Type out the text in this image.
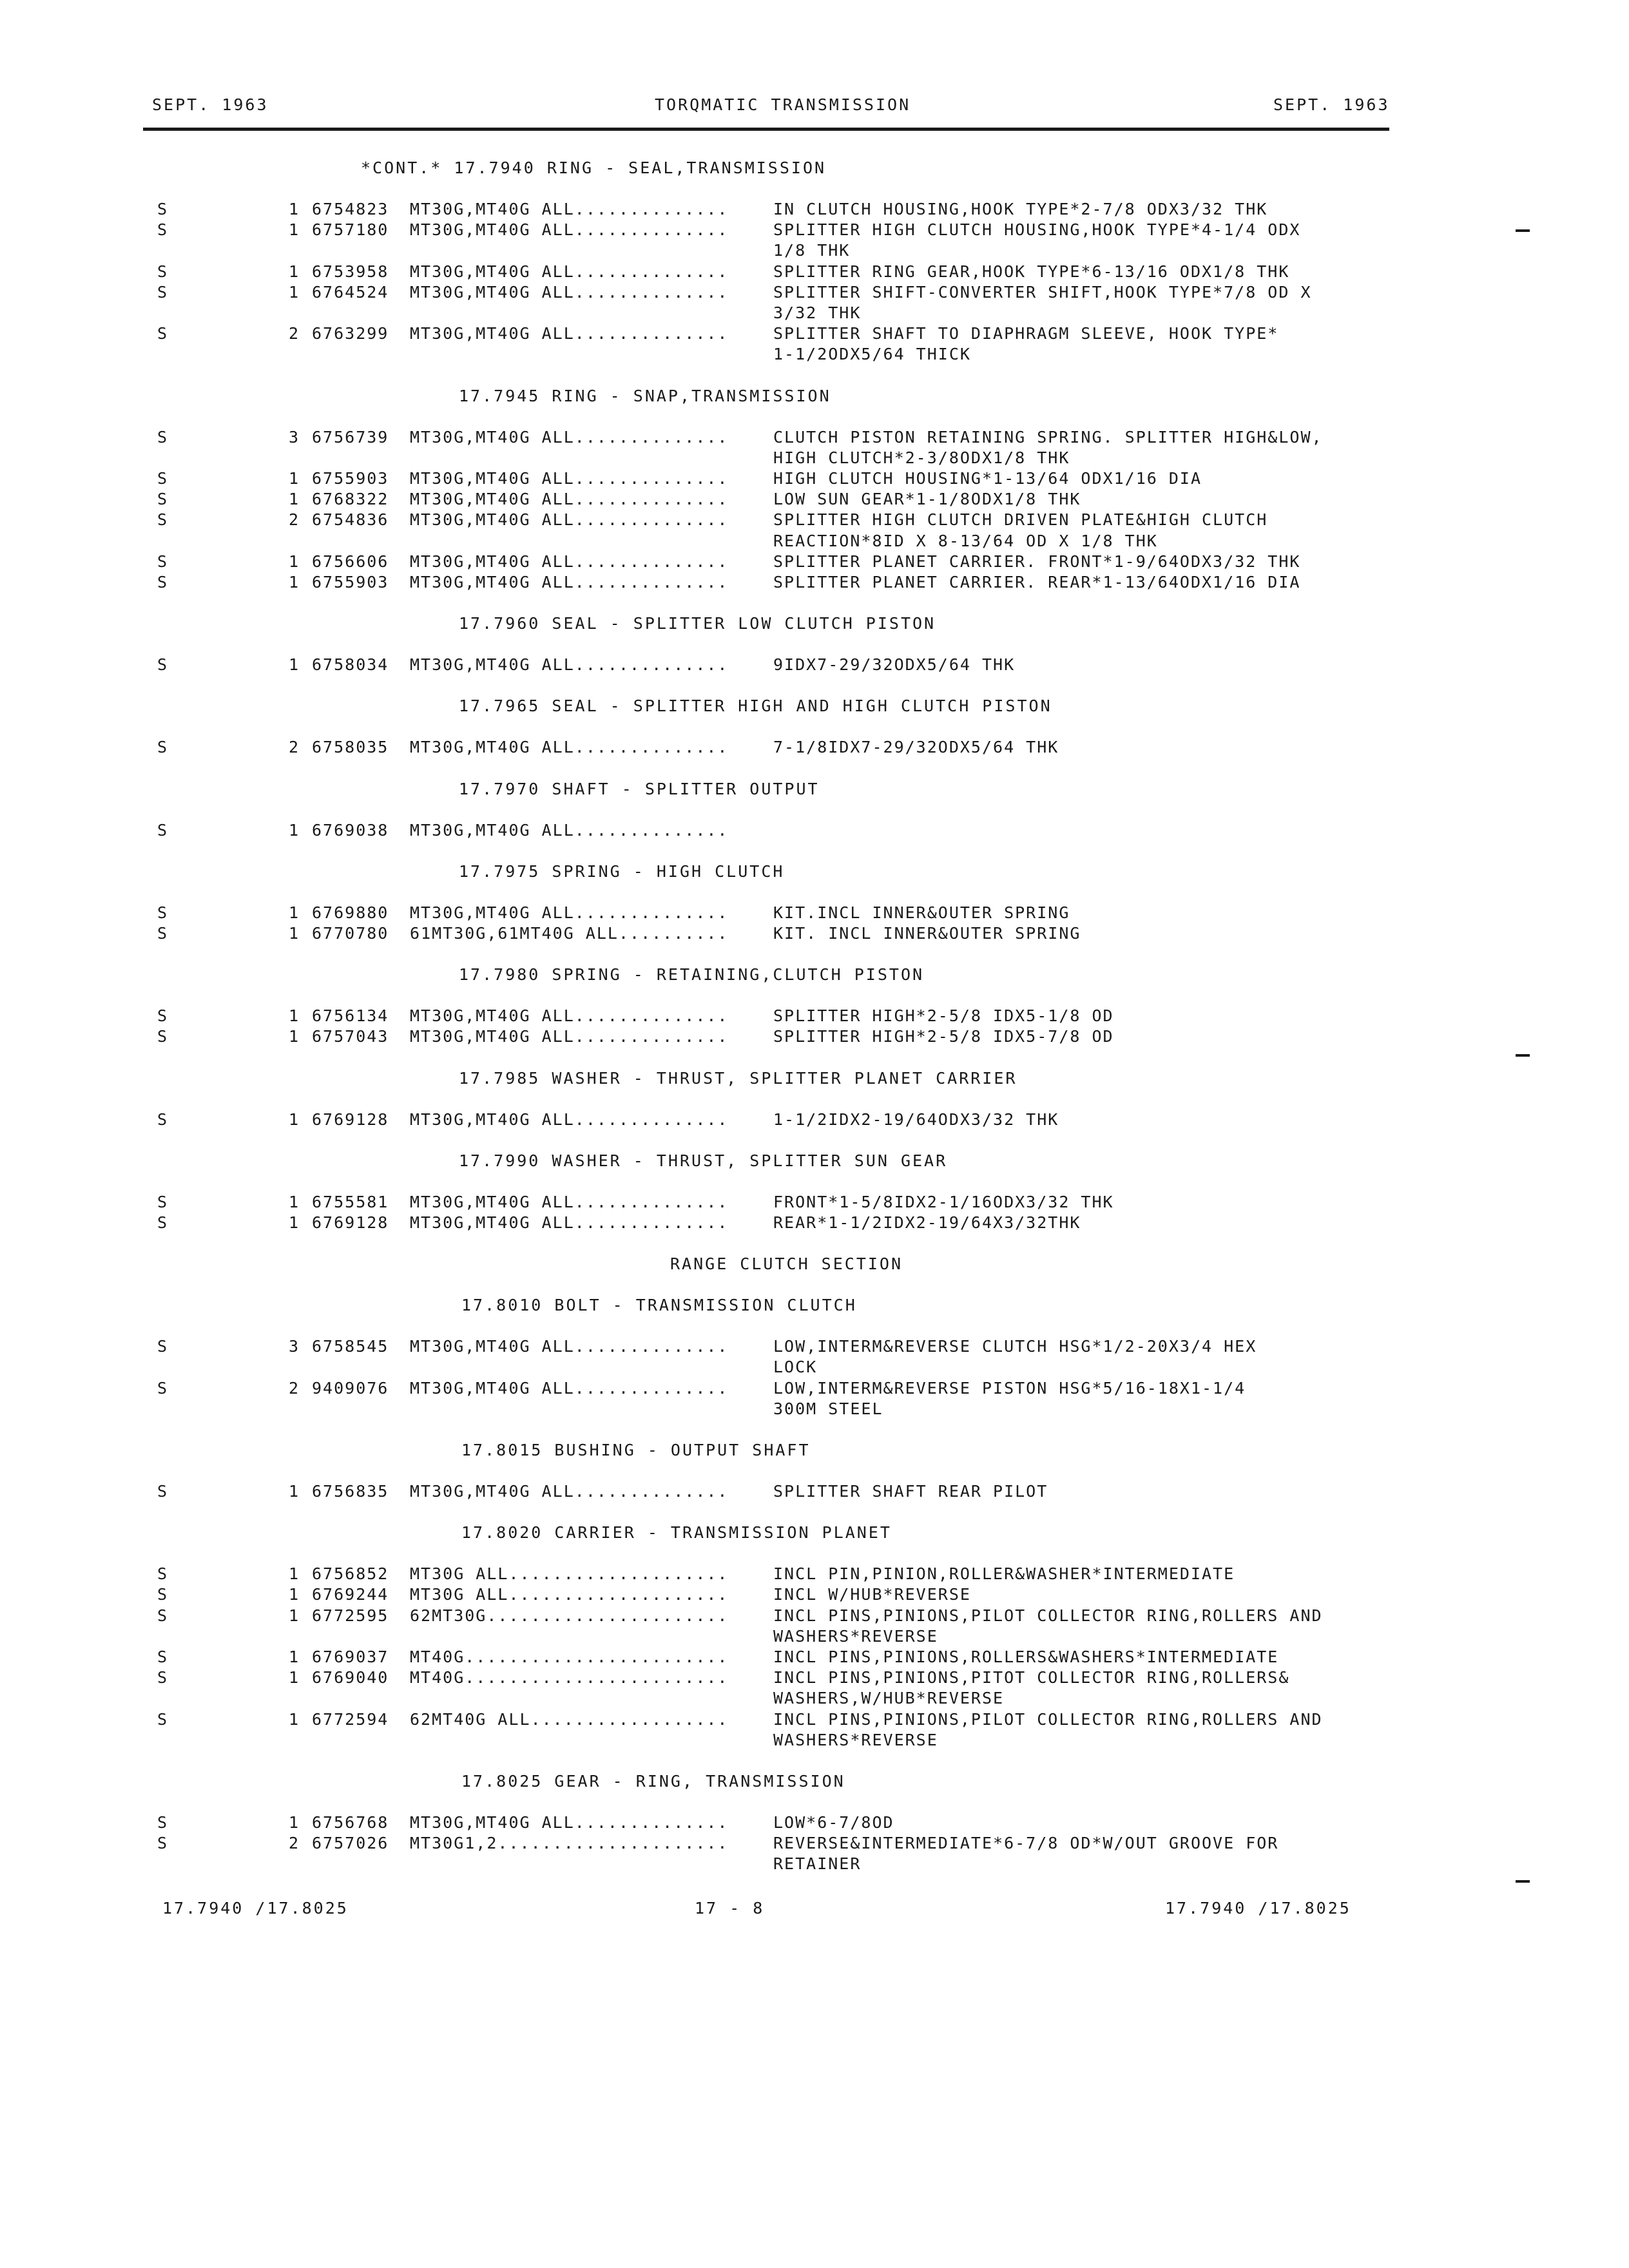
SEPT. 1963	TORQMATIC TRANSMISSION	SEPT. 1963
*CONT.* 17.7940 RING - SEAL,TRANSMISSION
S	1 6754823 MT30G,MT40G ALL..............	IN CLUTCH HOUSING,HOOK TYPE*2-7/8 ODX3/32 THK
S	1 6757180 MT30G,MT40G ALL..............	SPLITTER HIGH CLUTCH HOUSING,HOOK TYPE*4-1/4 ODX
1/8 THK
S	1 6753958 MT30G,MT40G ALL..............	SPLITTER RING GEAR,HOOK TYPE*6-13/16 ODX1/8 THK
S	1 6764524 MT30G,MT40G ALL..............	SPLITTER SHIFT-CONVERTER SHIFT,HOOK TYPE*7/8 OD X
3/32 THK
S	2 6763299 MT30G,MT40G ALL..............	SPLITTER SHAFT TO DIAPHRAGM SLEEVE, HOOK TYPE*
1-1/2ODX5/64 THICK
17.7945 RING - SNAP,TRANSMISSION
S	3 6756739 MT30G,MT40G ALL..............	CLUTCH PISTON RETAINING SPRING. SPLITTER HIGH&LOW,
HIGH CLUTCH*2-3/8ODX1/8 THK
S	1 6755903 MT30G,MT40G ALL..............	HIGH CLUTCH HOUSING*1-13/64 ODX1/16 DIA
S	1 6768322 MT30G,MT40G ALL..............	LOW SUN GEAR*1-1/8ODX1/8 THK
S	2 6754836 MT30G,MT40G ALL..............	SPLITTER HIGH CLUTCH DRIVEN PLATE&HIGH CLUTCH
REACTION*8ID X 8-13/64 OD X 1/8 THK
S	1 6756606 MT30G,MT40G ALL..............	SPLITTER PLANET CARRIER. FRONT*1-9/64ODX3/32 THK
S	1 6755903 MT30G,MT40G ALL..............	SPLITTER PLANET CARRIER. REAR*1-13/64ODX1/16 DIA
17.7960 SEAL - SPLITTER LOW CLUTCH PISTON
S	1 6758034 MT30G,MT40G ALL..............	9IDX7-29/32ODX5/64 THK
17.7965 SEAL - SPLITTER HIGH AND HIGH CLUTCH PISTON
S	2 6758035 MT30G,MT40G ALL..............	7-1/8IDX7-29/32ODX5/64 THK
17.7970 SHAFT - SPLITTER OUTPUT
S	1 6769038 MT30G,MT40G ALL..............
17.7975 SPRING - HIGH CLUTCH
S	1 6769880 MT30G,MT40G ALL..............	KIT.INCL INNER&OUTER SPRING
S	1 6770780 61MT30G,61MT40G ALL..........	KIT. INCL INNER&OUTER SPRING
17.7980 SPRING - RETAINING,CLUTCH PISTON
S	1 6756134 MT30G,MT40G ALL..............	SPLITTER HIGH*2-5/8 IDX5-1/8 OD
S	1 6757043 MT30G,MT40G ALL..............	SPLITTER HIGH*2-5/8 IDX5-7/8 OD
17.7985 WASHER - THRUST, SPLITTER PLANET CARRIER
S	1 6769128 MT30G,MT40G ALL..............	1-1/2IDX2-19/64ODX3/32 THK
17.7990 WASHER - THRUST, SPLITTER SUN GEAR
S	1 6755581 MT30G,MT40G ALL..............	FRONT*1-5/8IDX2-1/16ODX3/32 THK
S	1 6769128 MT30G,MT40G ALL..............	REAR*1-1/2IDX2-19/64X3/32THK
RANGE CLUTCH SECTION
17.8010 BOLT - TRANSMISSION CLUTCH
S	3 6758545 MT30G,MT40G ALL..............	LOW,INTERM&REVERSE CLUTCH HSG*1/2-20X3/4 HEX
LOCK
S	2 9409076 MT30G,MT40G ALL..............	LOW,INTERM&REVERSE PISTON HSG*5/16-18X1-1/4
300M STEEL
17.8015 BUSHING - OUTPUT SHAFT
S	1 6756835 MT30G,MT40G ALL..............	SPLITTER SHAFT REAR PILOT
17.8020 CARRIER - TRANSMISSION PLANET
S	1 6756852 MT30G ALL....................	INCL PIN,PINION,ROLLER&WASHER*INTERMEDIATE
S	1 6769244 MT30G ALL....................	INCL W/HUB*REVERSE
S	1 6772595 62MT30G......................	INCL PINS,PINIONS,PILOT COLLECTOR RING,ROLLERS AND
WASHERS*REVERSE
S	1 6769037 MT40G........................	INCL PINS,PINIONS,ROLLERS&WASHERS*INTERMEDIATE
S	1 6769040 MT40G........................	INCL PINS,PINIONS,PITOT COLLECTOR RING,ROLLERS&
WASHERS,W/HUB*REVERSE
S	1 6772594 62MT40G ALL..................	INCL PINS,PINIONS,PILOT COLLECTOR RING,ROLLERS AND
WASHERS*REVERSE
17.8025 GEAR - RING, TRANSMISSION
S	1 6756768 MT30G,MT40G ALL..............	LOW*6-7/8OD
S	2 6757026 MT30G1,2.....................	REVERSE&INTERMEDIATE*6-7/8 OD*W/OUT GROOVE FOR
RETAINER
17.7940 /17.8025	17 - 8	17.7940 /17.8025
